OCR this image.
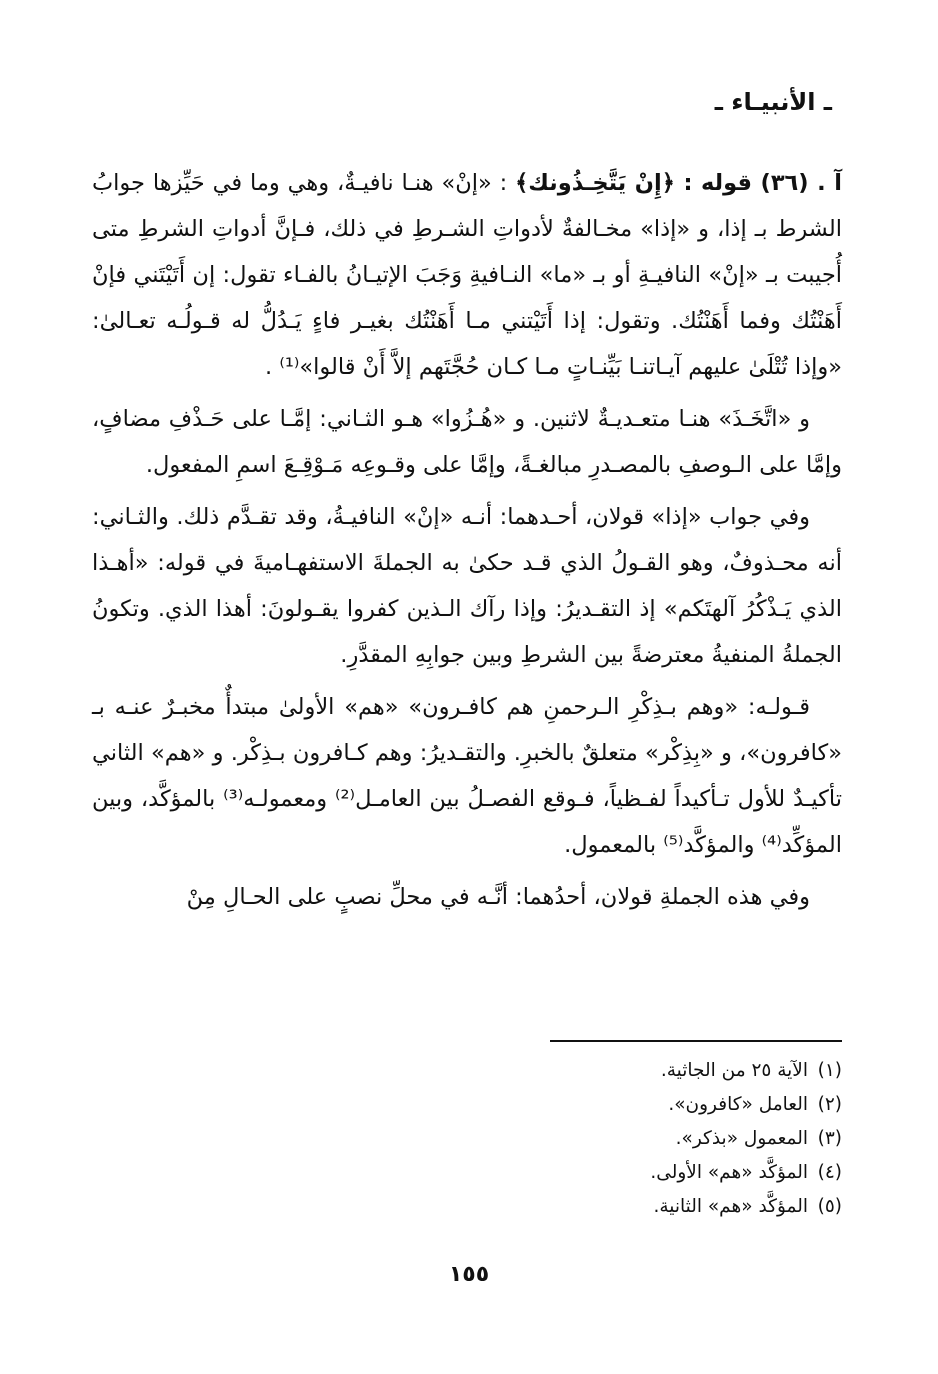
ـ الأنبيـاء ـ

آ . (٣٦) قوله : ﴿إِنْ يَتَّخِـذُونك﴾ : «إنْ» هنـا نافيـةٌ، وهي وما في حَيِّزها جوابُ الشرط بـ إذا، و «إذا» مخـالفةٌ لأدواتِ الشـرطِ في ذلك، فـإنَّ أدواتِ الشرطِ متى أُجيبت بـ «إنْ» النافيـةِ أو بـ «ما» النـافيةِ وَجَبَ الإتيـانُ بالفـاء تقول: إن أَتَيْتَني فإنْ أَهَنْتُك وفما أَهَنْتُك. وتقول: إذا أَتَيْتني مـا أَهَنْتُك بغيـر فاءٍ يَـدُلُّ له قـولُـه تعـالىٰ: «وإذا تُتْلَىٰ عليهم آيـاتنـا بَيِّنـاتٍ مـا كـان حُجَّتَهم إلاَّ أَنْ قالوا»⁽¹⁾ .

و «اتَّخَـذَ» هنـا متعـديـةٌ لاثنين. و «هُـزُوا» هـو الثـاني: إمَّـا على حَـذْفِ مضافٍ، وإمَّا على الـوصفِ بالمصـدرِ مبالغـةً، وإمَّا على وقـوعِه مَـوْقِـعَ اسمِ المفعول.

وفي جواب «إذا» قولان، أحـدهما: أنـه «إنْ» النافيـةُ، وقد تقـدَّم ذلك. والثـاني: أنه محـذوفٌ، وهو القـولُ الذي قـد حكىٰ به الجملةَ الاستفهـاميةَ في قوله: «أهـذا الذي يَـذْكُرُ آلهتَكم» إذ التقـديرُ: وإذا رآك الـذين كفروا يقـولونَ: أهذا الذي. وتكونُ الجملةُ المنفيةُ معترضةً بين الشرطِ وبين جوابِهِ المقدَّرِ.

قـولـه: «وهم بـذِكْرِ الـرحمنِ هم كافـرون» «هم» الأولىٰ مبتدأٌ مخبـرٌ عنـه بـ «كافرون»، و «بِذِكْر» متعلقٌ بالخبرِ. والتقـديرُ: وهم كـافرون بـذِكْر. و «هم» الثاني تأكيـدٌ للأول تـأكيداً لفـظياً، فـوقع الفصـلُ بين العامـل⁽²⁾ ومعمولـه⁽³⁾ بالمؤكَّد، وبين المؤكِّد⁽⁴⁾ والمؤكَّد⁽⁵⁾ بالمعمول.

وفي هذه الجملةِ قولان، أحدُهما: أنَّـه في محلِّ نصبٍ على الحـالِ مِنْ

(١)الآية ٢٥ من الجاثية.
(٢)العامل «كافرون».
(٣)المعمول «بذكر».
(٤)المؤكَّد «هم» الأولى.
(٥)المؤكَّد «هم» الثانية.
١٥٥
